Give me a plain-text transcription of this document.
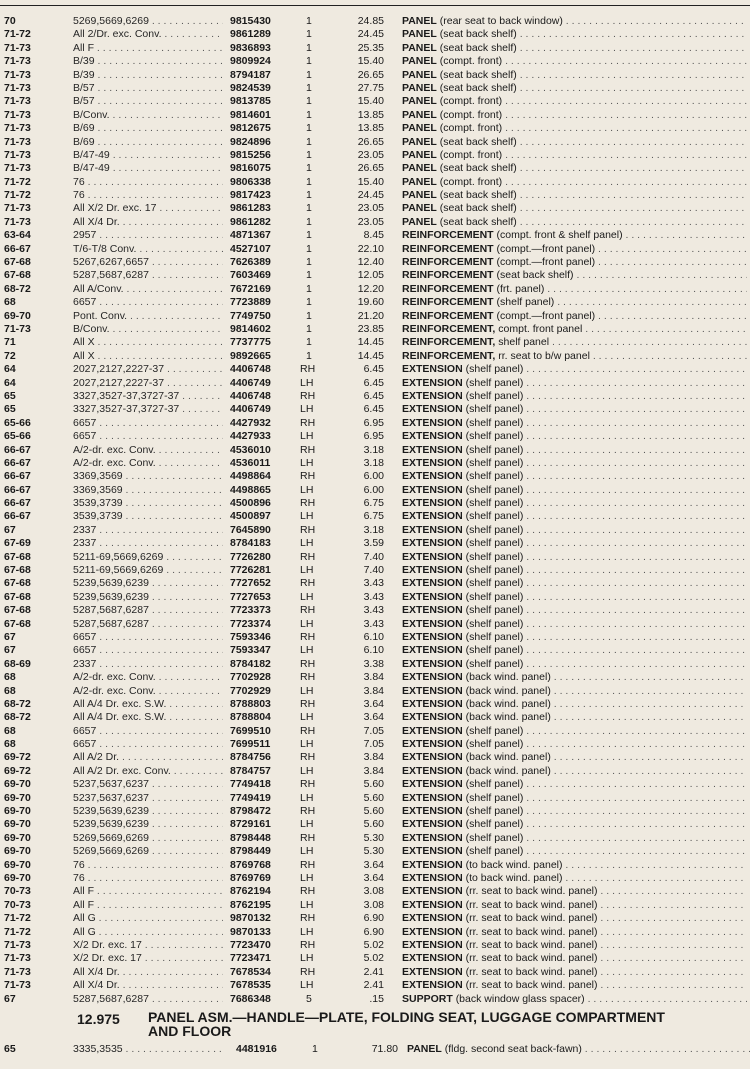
70	5269,5669,6269 . . .	9815430	1	24.85 PANEL (rear seat to back window) . . .
71-72	All 2/Dr. exc. Conv. . . .	9861289	1	24.45 PANEL (seat back shelf) . . .
71-73	All F . . .	9836893	1	25.35 PANEL (seat back shelf) . . .
71-73	B/39 . . .	9809924	1	15.40 PANEL (compt. front) . . .
71-73	B/39 . . .	8794187	1	26.65 PANEL (seat back shelf) . . .
71-73	B/57 . . .	9824539	1	27.75 PANEL (seat back shelf) . . .
71-73	B/57 . . .	9813785	1	15.40 PANEL (compt. front) . . .
71-73	B/Conv. . . .	9814601	1	13.85 PANEL (compt. front) . . .
71-73	B/69 . . .	9812675	1	13.85 PANEL (compt. front) . . .
71-73	B/69 . . .	9824896	1	26.65 PANEL (seat back shelf) . . .
71-73	B/47-49 . . .	9815256	1	23.05 PANEL (compt. front) . . .
71-73	B/47-49 . . .	9816075	1	26.65 PANEL (seat back shelf) . . .
71-72	76 . . .	9806338	1	15.40 PANEL (compt. front) . . .
71-72	76 . . .	9817423	1	24.45 PANEL (seat back shelf) . . .
71-73	All X/2 Dr. exc. 17 . . .	9861283	1	23.05 PANEL (seat back shelf) . . .
71-73	All X/4 Dr. . . .	9861282	1	23.05 PANEL (seat back shelf) . . .
63-64	2957 . . .	4871367	1	8.45 REINFORCEMENT (compt. front & shelf panel) . . .
66-67	T/6-T/8 Conv. . . .	4527107	1	22.10 REINFORCEMENT (compt.—front panel) . . .
67-68	5267,6267,6657 . . .	7626389	1	12.40 REINFORCEMENT (compt.—front panel) . . .
67-68	5287,5687,6287 . . .	7603469	1	12.05 REINFORCEMENT (seat back shelf) . . .
68-72	All A/Conv. . . .	7672169	1	12.20 REINFORCEMENT (frt. panel) . . .
68	6657 . . .	7723889	1	19.60 REINFORCEMENT (shelf panel) . . .
69-70	Pont. Conv. . . .	7749750	1	21.20 REINFORCEMENT (compt.—front panel) . . .
71-73	B/Conv. . . .	9814602	1	23.85 REINFORCEMENT, compt. front panel . . .
71	All X . . .	7737775	1	14.45 REINFORCEMENT, shelf panel . . .
72	All X . . .	9892665	1	14.45 REINFORCEMENT, rr. seat to b/w panel . . .
64	2027,2127,2227-37 . . .	4406748	RH	6.45 EXTENSION (shelf panel) . . .
64	2027,2127,2227-37 . . .	4406749	LH	6.45 EXTENSION (shelf panel) . . .
65	3327,3527-37,3727-37 . . .	4406748	RH	6.45 EXTENSION (shelf panel) . . .
65	3327,3527-37,3727-37 . . .	4406749	LH	6.45 EXTENSION (shelf panel) . . .
65-66	6657 . . .	4427932	RH	6.95 EXTENSION (shelf panel) . . .
65-66	6657 . . .	4427933	LH	6.95 EXTENSION (shelf panel) . . .
66-67	A/2-dr. exc. Conv. . . .	4536010	RH	3.18 EXTENSION (shelf panel) . . .
66-67	A/2-dr. exc. Conv. . . .	4536011	LH	3.18 EXTENSION (shelf panel) . . .
66-67	3369,3569 . . .	4498864	RH	6.00 EXTENSION (shelf panel) . . .
66-67	3369,3569 . . .	4498865	LH	6.00 EXTENSION (shelf panel) . . .
66-67	3539,3739 . . .	4500896	RH	6.75 EXTENSION (shelf panel) . . .
66-67	3539,3739 . . .	4500897	LH	6.75 EXTENSION (shelf panel) . . .
67	2337 . . .	7645890	RH	3.18 EXTENSION (shelf panel) . . .
67-69	2337 . . .	8784183	LH	3.59 EXTENSION (shelf panel) . . .
67-68	5211-69,5669,6269 . . .	7726280	RH	7.40 EXTENSION (shelf panel) . . .
67-68	5211-69,5669,6269 . . .	7726281	LH	7.40 EXTENSION (shelf panel) . . .
67-68	5239,5639,6239 . . .	7727652	RH	3.43 EXTENSION (shelf panel) . . .
67-68	5239,5639,6239 . . .	7727653	LH	3.43 EXTENSION (shelf panel) . . .
67-68	5287,5687,6287 . . .	7723373	RH	3.43 EXTENSION (shelf panel) . . .
67-68	5287,5687,6287 . . .	7723374	LH	3.43 EXTENSION (shelf panel) . . .
67	6657 . . .	7593346	RH	6.10 EXTENSION (shelf panel) . . .
67	6657 . . .	7593347	LH	6.10 EXTENSION (shelf panel) . . .
68-69	2337 . . .	8784182	RH	3.38 EXTENSION (shelf panel) . . .
68	A/2-dr. exc. Conv. . . .	7702928	RH	3.84 EXTENSION (back wind. panel) . . .
68	A/2-dr. exc. Conv. . . .	7702929	LH	3.84 EXTENSION (back wind. panel) . . .
68-72	All A/4 Dr. exc. S.W. . . .	8788803	RH	3.64 EXTENSION (back wind. panel) . . .
68-72	All A/4 Dr. exc. S.W. . . .	8788804	LH	3.64 EXTENSION (back wind. panel) . . .
68	6657 . . .	7699510	RH	7.05 EXTENSION (shelf panel) . . .
68	6657 . . .	7699511	LH	7.05 EXTENSION (shelf panel) . . .
69-72	All A/2 Dr. . . .	8784756	RH	3.84 EXTENSION (back wind. panel) . . .
69-72	All A/2 Dr. exc. Conv. . . .	8784757	LH	3.84 EXTENSION (back wind. panel) . . .
69-70	5237,5637,6237 . . .	7749418	RH	5.60 EXTENSION (shelf panel) . . .
69-70	5237,5637,6237 . . .	7749419	LH	5.60 EXTENSION (shelf panel) . . .
69-70	5239,5639,6239 . . .	8798472	RH	5.60 EXTENSION (shelf panel) . . .
69-70	5239,5639,6239 . . .	8729161	LH	5.60 EXTENSION (shelf panel) . . .
69-70	5269,5669,6269 . . .	8798448	RH	5.30 EXTENSION (shelf panel) . . .
69-70	5269,5669,6269 . . .	8798449	LH	5.30 EXTENSION (shelf panel) . . .
69-70	76 . . .	8769768	RH	3.64 EXTENSION (to back wind. panel) . . .
69-70	76 . . .	8769769	LH	3.64 EXTENSION (to back wind. panel) . . .
70-73	All F . . .	8762194	RH	3.08 EXTENSION (rr. seat to back wind. panel) . . .
70-73	All F . . .	8762195	LH	3.08 EXTENSION (rr. seat to back wind. panel) . . .
71-72	All G . . .	9870132	RH	6.90 EXTENSION (rr. seat to back wind. panel) . . .
71-72	All G . . .	9870133	LH	6.90 EXTENSION (rr. seat to back wind. panel) . . .
71-73	X/2 Dr. exc. 17 . . .	7723470	RH	5.02 EXTENSION (rr. seat to back wind. panel) . . .
71-73	X/2 Dr. exc. 17 . . .	7723471	LH	5.02 EXTENSION (rr. seat to back wind. panel) . . .
71-73	All X/4 Dr. . . .	7678534	RH	2.41 EXTENSION (rr. seat to back wind. panel) . . .
71-73	All X/4 Dr. . . .	7678535	LH	2.41 EXTENSION (rr. seat to back wind. panel) . . .
67	5287,5687,6287 . . .	7686348	5	.15 SUPPORT (back window glass spacer) . . .
12.975 PANEL ASM.—HANDLE—PLATE, FOLDING SEAT, LUGGAGE COMPARTMENT AND FLOOR
65	3335,3535 . . .	4481916	1	71.80 PANEL (fldg. second seat back-fawn) . . .
